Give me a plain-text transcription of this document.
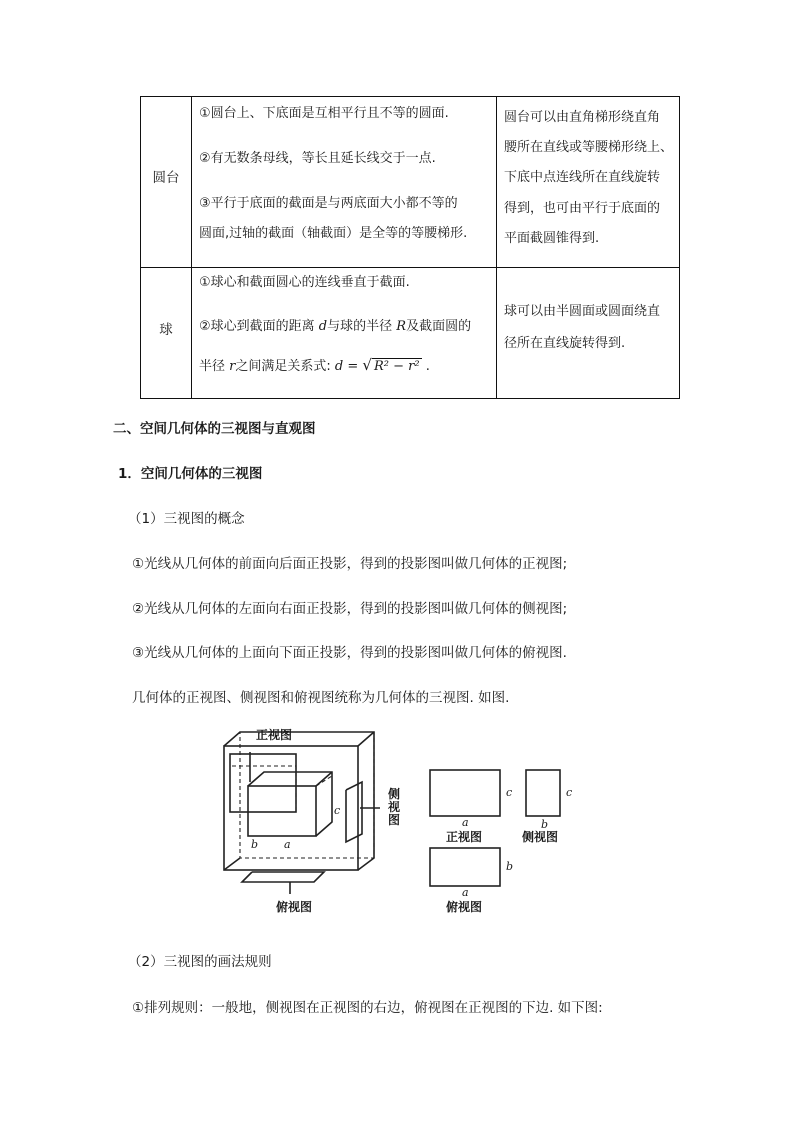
圆台
①圆台上、下底面是互相平行且不等的圆面.
②有无数条母线，等长且延长线交于一点.
③平行于底面的截面是与两底面大小都不等的
圆面,过轴的截面（轴截面）是全等的等腰梯形.
圆台可以由直角梯形绕直角
腰所在直线或等腰梯形绕上、
下底中点连线所在直线旋转
得到，也可由平行于底面的
平面截圆锥得到.
球
①球心和截面圆心的连线垂直于截面.
②球心到截面的距离 d与球的半径 R及截面圆的
半径 r之间满足关系式: d = √ R² − r² .
球可以由半圆面或圆面绕直
径所在直线旋转得到.
二、空间几何体的三视图与直观图
1．空间几何体的三视图
（1）三视图的概念
①光线从几何体的前面向后面正投影，得到的投影图叫做几何体的正视图;
②光线从几何体的左面向右面正投影，得到的投影图叫做几何体的侧视图;
③光线从几何体的上面向下面正投影，得到的投影图叫做几何体的俯视图.
几何体的正视图、侧视图和俯视图统称为几何体的三视图. 如图.
正视图
侧
视
图
俯视图
a
b
c
c
a
正视图
c
b
侧视图
b
a
俯视图
（2）三视图的画法规则
①排列规则：一般地，侧视图在正视图的右边，俯视图在正视图的下边. 如下图:
